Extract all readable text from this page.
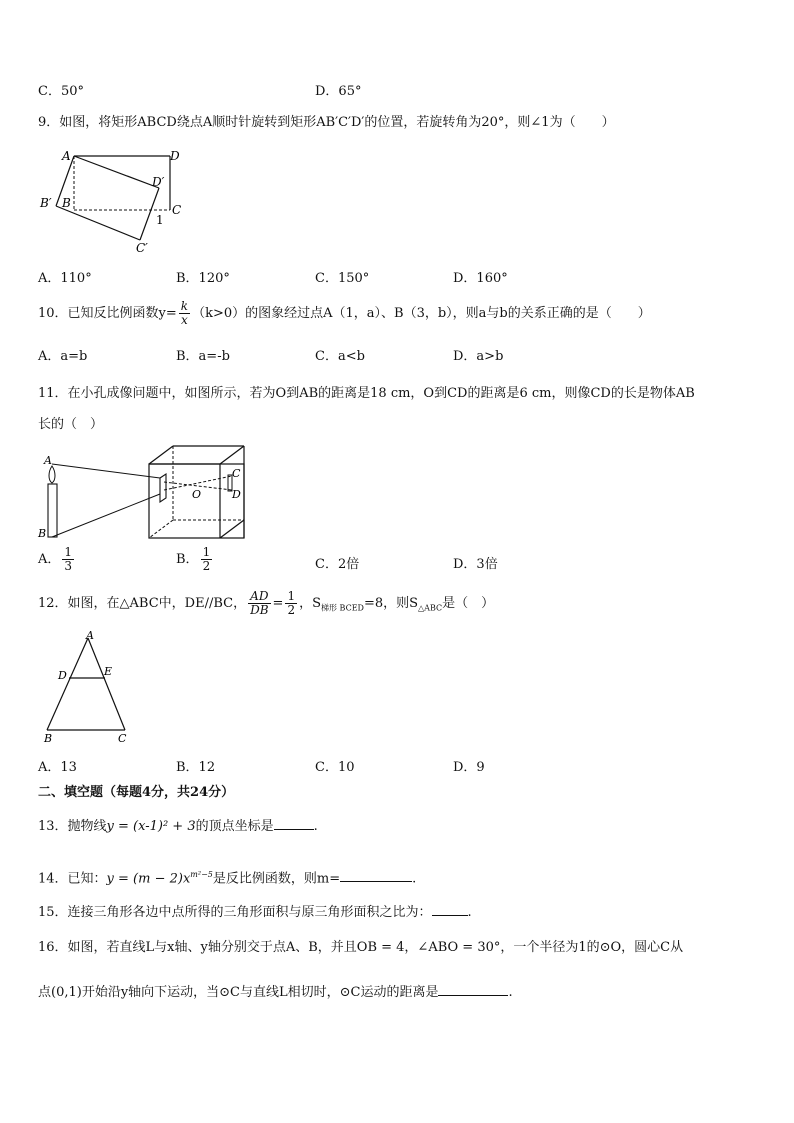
C．50°	D．65°
9．如图，将矩形ABCD绕点A顺时针旋转到矩形AB′C′D′的位置，若旋转角为20°，则∠1为（　　）
A	D
D′
B′ B	C
1
C′
A．110°	B．120°	C．150°	D．160°
10．已知反比例函数$y= \frac{k}{x} (k>0)$的图象经过点A（1，a）、B（3，b），则a与b的关系正确的是（　　）
A．a=b	B．a=-b	C．a<b	D．a>b
11．在小孔成像问题中，如图所示，若为O到AB的距离是18 cm，O到CD的距离是6 cm，则像CD的长是物体AB
长的（　）
A
B
O
C
D
A． $\frac{1}{3}$	B． $\frac{1}{2}$	C．2倍	D．3倍
12．如图，在△ABC中，DE//BC， $\frac{AD}{DB} = \frac{1}{2}$ ，$S_{梯形 BCED}=8$，则$S_{\triangle ABC}$是（　）
A
D	E
B	C
A．13	B．12	C．10	D．9
二、填空题（每题4分，共24分）
13．抛物线y = (x-1)² + 3的顶点坐标是	.
14．已知：$y = (m - 2)x^{m^2-5}$是反比例函数，则m=	.
15．连接三角形各边中点所得的三角形面积与原三角形面积之比为：	.
16．如图，若直线L与x轴、y轴分别交于点A、B，并且OB = 4，∠ABO = 30°，一个半径为1的⊙O，圆心C从
点(0,1)开始沿y轴向下运动，当⊙C与直线L相切时，⊙C运动的距离是	.
